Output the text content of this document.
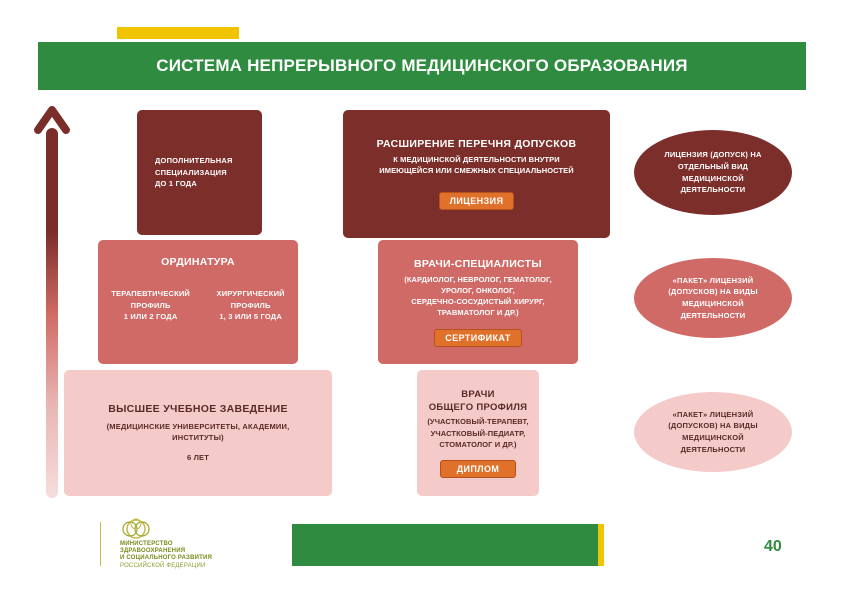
СИСТЕМА НЕПРЕРЫВНОГО МЕДИЦИНСКОГО ОБРАЗОВАНИЯ
ДОПОЛНИТЕЛЬНАЯ
СПЕЦИАЛИЗАЦИЯ
ДО 1 ГОДА
ОРДИНАТУРА
ТЕРАПЕВТИЧЕСКИЙ
ПРОФИЛЬ
1 ИЛИ 2 ГОДА
ХИРУРГИЧЕСКИЙ
ПРОФИЛЬ
1, 3 ИЛИ 5 ГОДА
ВЫСШЕЕ УЧЕБНОЕ ЗАВЕДЕНИЕ
(МЕДИЦИНСКИЕ УНИВЕРСИТЕТЫ, АКАДЕМИИ,
ИНСТИТУТЫ)
6 ЛЕТ
РАСШИРЕНИЕ ПЕРЕЧНЯ ДОПУСКОВ
К МЕДИЦИНСКОЙ ДЕЯТЕЛЬНОСТИ ВНУТРИ
ИМЕЮЩЕЙСЯ ИЛИ СМЕЖНЫХ СПЕЦИАЛЬНОСТЕЙ
ЛИЦЕНЗИЯ
ВРАЧИ-СПЕЦИАЛИСТЫ
(КАРДИОЛОГ, НЕВРОЛОГ, ГЕМАТОЛОГ,
УРОЛОГ, ОНКОЛОГ,
СЕРДЕЧНО-СОСУДИСТЫЙ ХИРУРГ,
ТРАВМАТОЛОГ И ДР.)
СЕРТИФИКАТ
ВРАЧИ
ОБЩЕГО ПРОФИЛЯ
(УЧАСТКОВЫЙ-ТЕРАПЕВТ,
УЧАСТКОВЫЙ-ПЕДИАТР,
СТОМАТОЛОГ И ДР.)
ДИПЛОМ
ЛИЦЕНЗИЯ (ДОПУСК) НА
ОТДЕЛЬНЫЙ ВИД
МЕДИЦИНСКОЙ
ДЕЯТЕЛЬНОСТИ
«ПАКЕТ» ЛИЦЕНЗИЙ
(ДОПУСКОВ) НА ВИДЫ
МЕДИЦИНСКОЙ
ДЕЯТЕЛЬНОСТИ
«ПАКЕТ» ЛИЦЕНЗИЙ
(ДОПУСКОВ) НА ВИДЫ
МЕДИЦИНСКОЙ
ДЕЯТЕЛЬНОСТИ
МИНИСТЕРСТВО
ЗДРАВООХРАНЕНИЯ
И СОЦИАЛЬНОГО РАЗВИТИЯ
РОССИЙСКОЙ ФЕДЕРАЦИИ
40
